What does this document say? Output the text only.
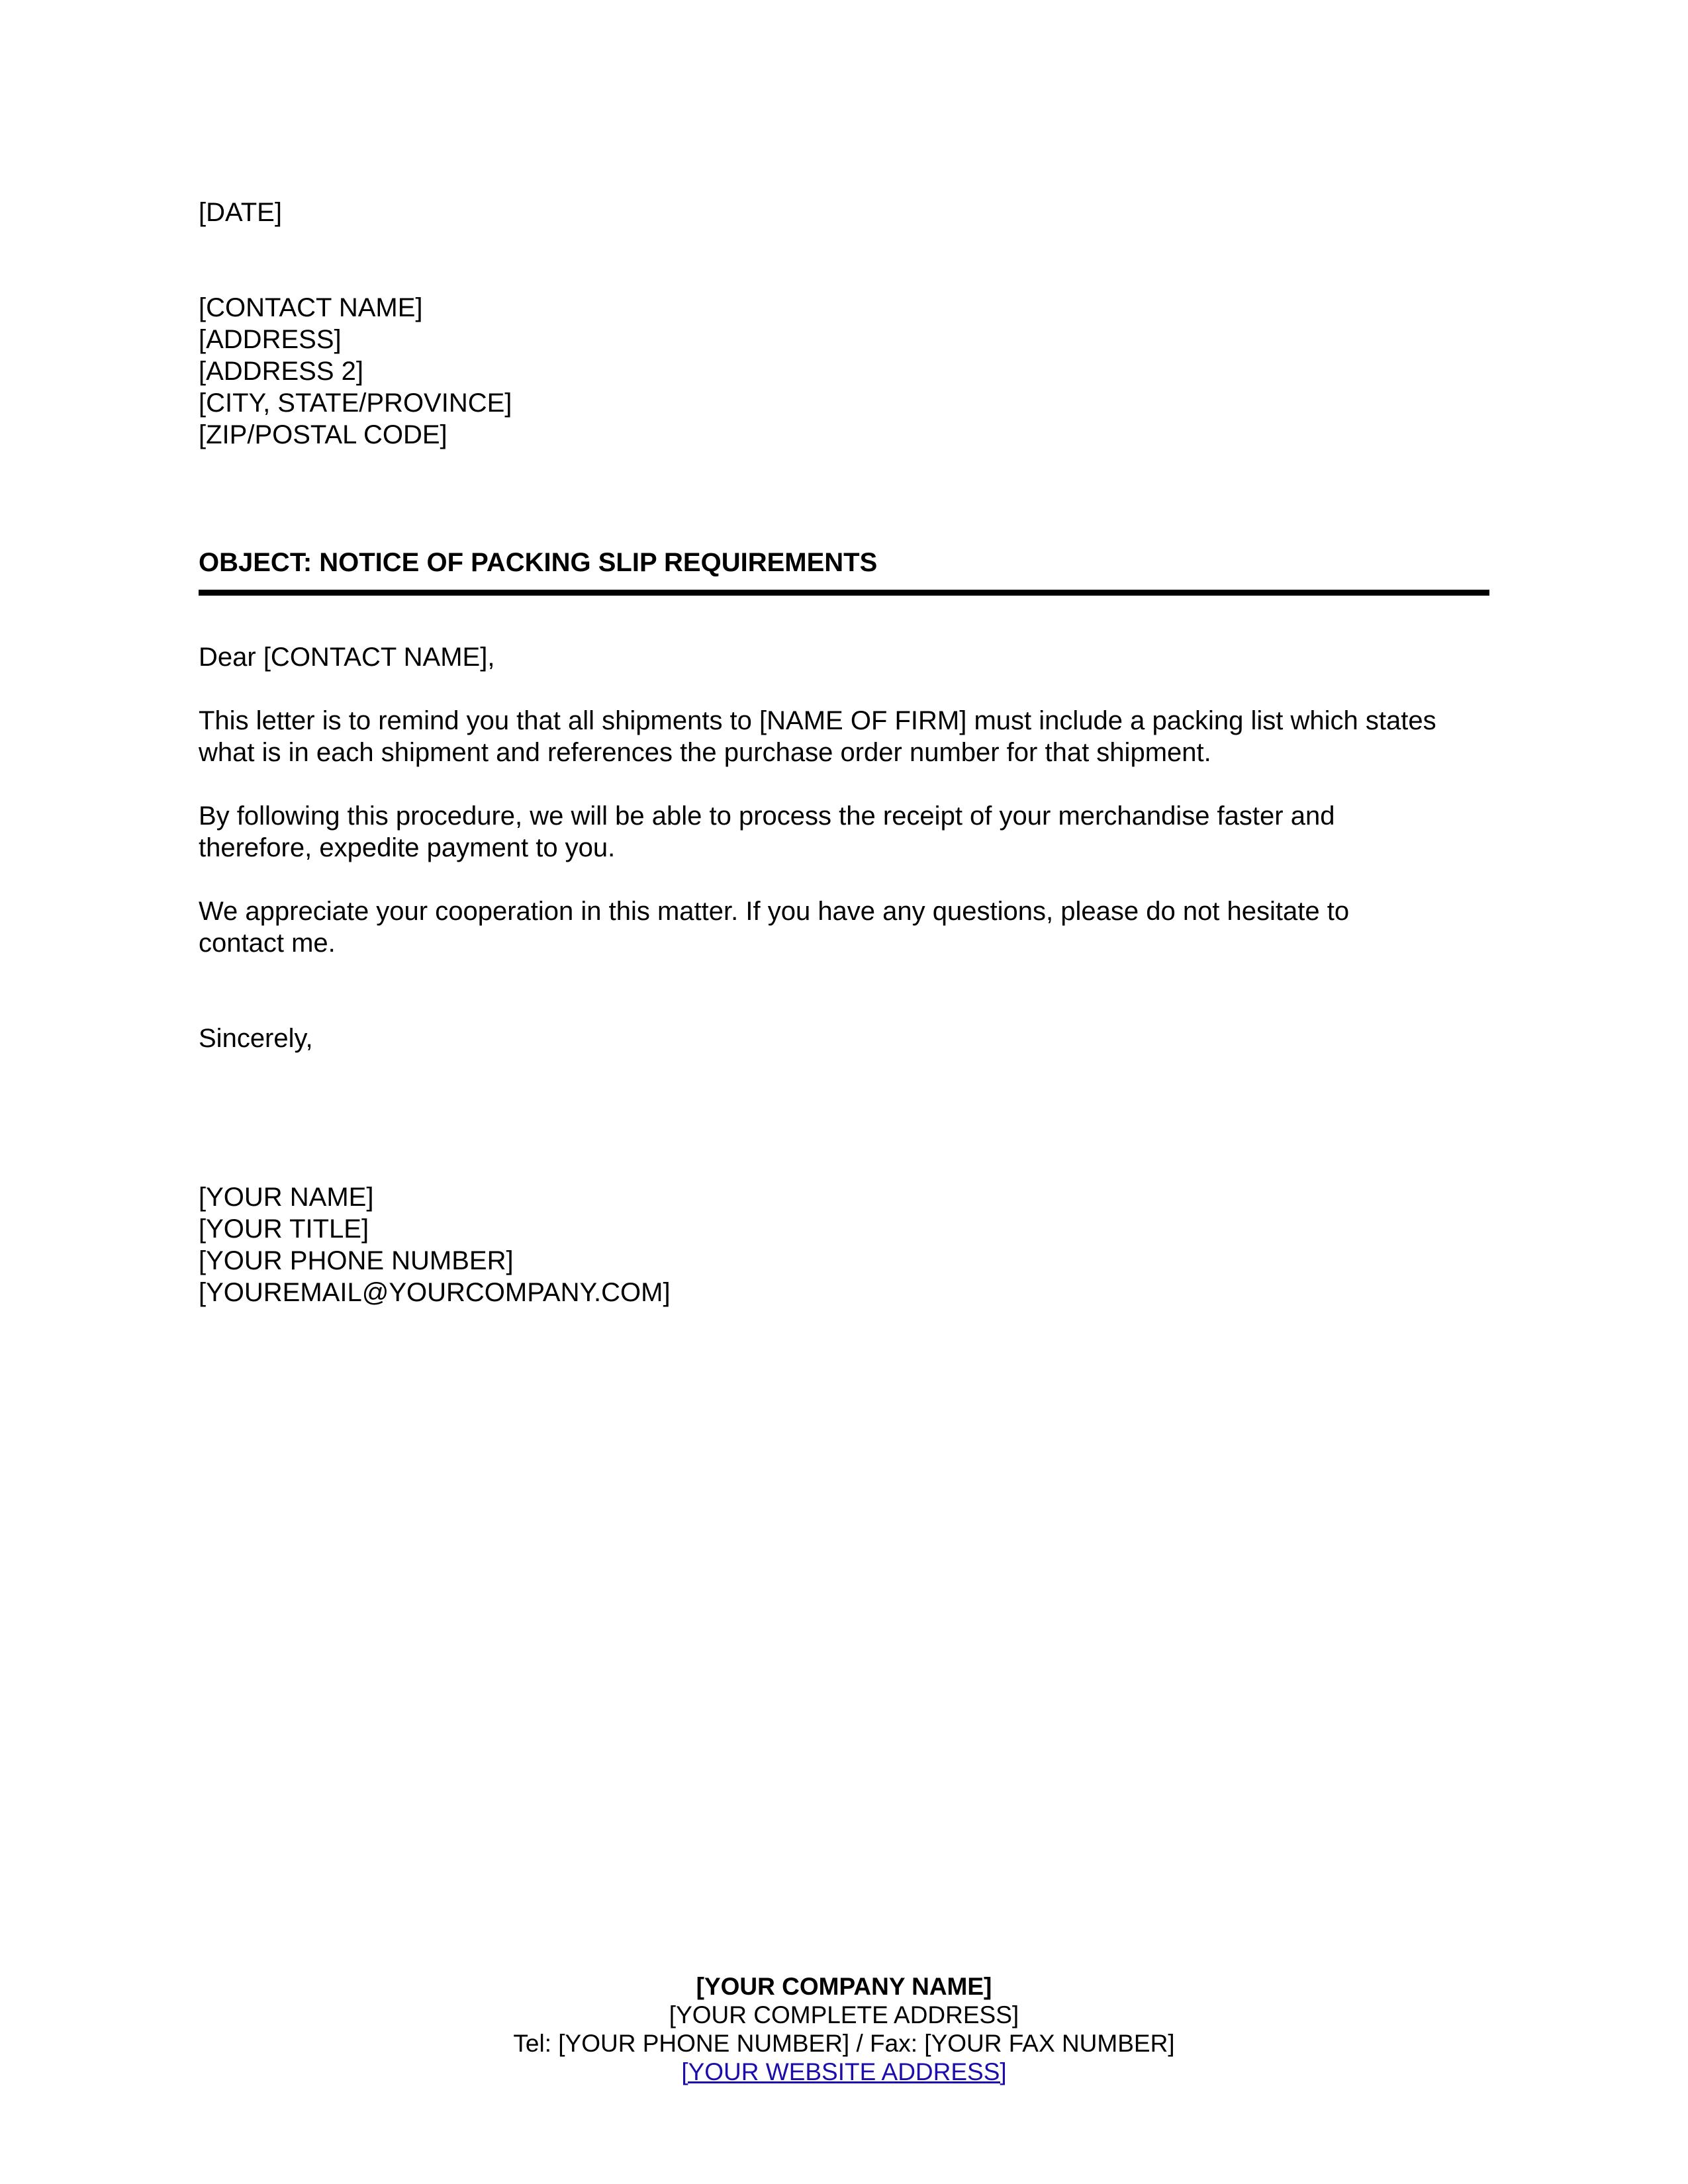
[DATE]
[CONTACT NAME]
[ADDRESS]
[ADDRESS 2]
[CITY, STATE/PROVINCE]
[ZIP/POSTAL CODE]
OBJECT: NOTICE OF PACKING SLIP REQUIREMENTS
Dear [CONTACT NAME],
This letter is to remind you that all shipments to [NAME OF FIRM] must include a packing list which states
what is in each shipment and references the purchase order number for that shipment.
By following this procedure, we will be able to process the receipt of your merchandise faster and
therefore, expedite payment to you.
We appreciate your cooperation in this matter. If you have any questions, please do not hesitate to
contact me.
Sincerely,
[YOUR NAME]
[YOUR TITLE]
[YOUR PHONE NUMBER]
[YOUREMAIL@YOURCOMPANY.COM]
[YOUR COMPANY NAME]
[YOUR COMPLETE ADDRESS]
Tel: [YOUR PHONE NUMBER] / Fax: [YOUR FAX NUMBER]
[YOUR WEBSITE ADDRESS]
